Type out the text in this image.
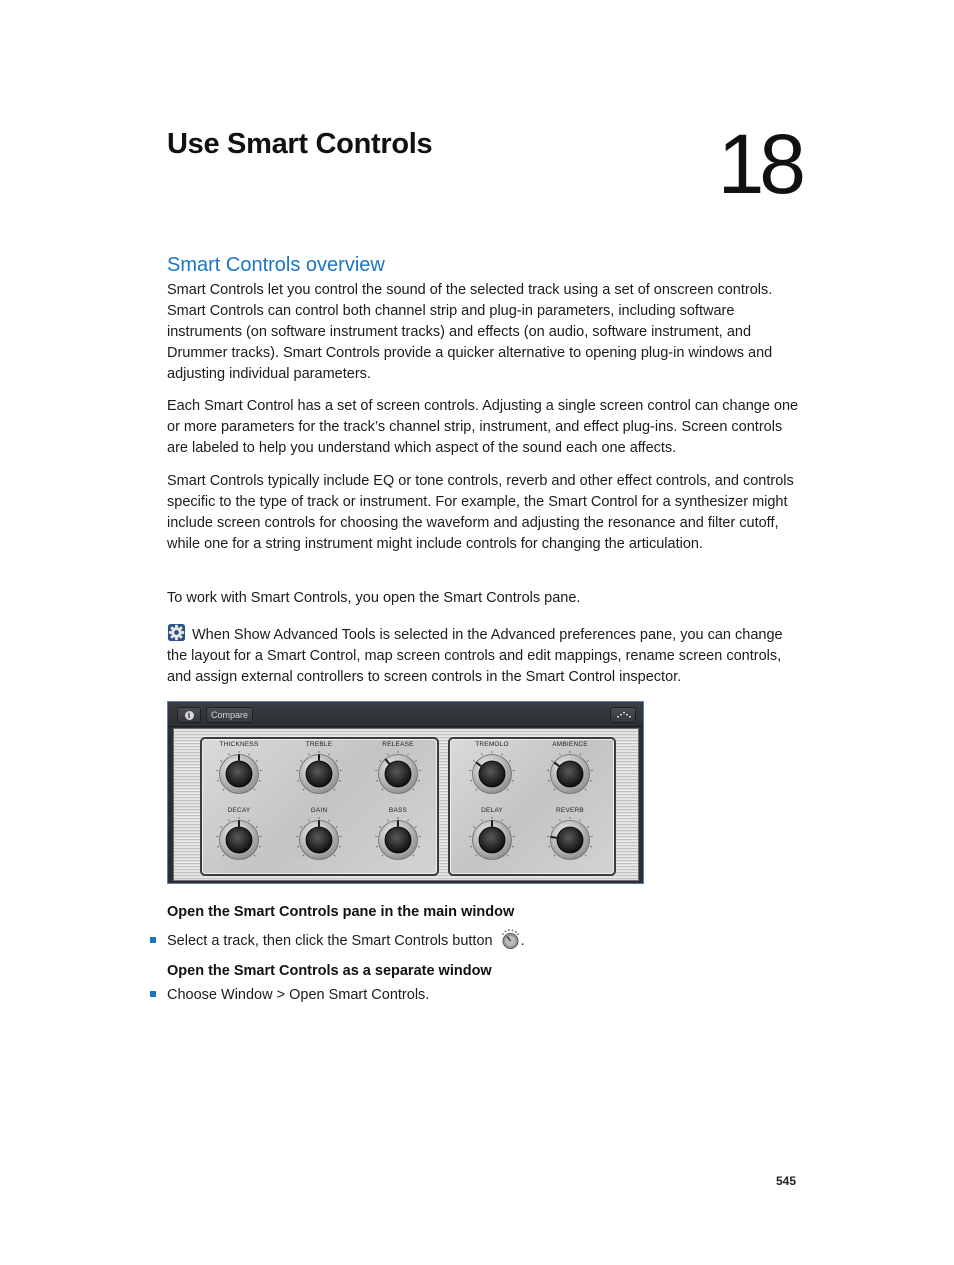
Use Smart Controls	18
Smart Controls overview

Smart Controls let you control the sound of the selected track using a set of onscreen controls. Smart Controls can control both channel strip and plug-in parameters, including software instruments (on software instrument tracks) and effects (on audio, software instrument, and Drummer tracks). Smart Controls provide a quicker alternative to opening plug-in windows and adjusting individual parameters.

Each Smart Control has a set of screen controls. Adjusting a single screen control can change one or more parameters for the track’s channel strip, instrument, and effect plug-ins. Screen controls are labeled to help you understand which aspect of the sound each one affects.

Smart Controls typically include EQ or tone controls, reverb and other effect controls, and controls specific to the type of track or instrument. For example, the Smart Control for a synthesizer might include screen controls for choosing the waveform and adjusting the resonance and filter cutoff, while one for a string instrument might include controls for changing the articulation.

To work with Smart Controls, you open the Smart Controls pane.

When Show Advanced Tools is selected in the Advanced preferences pane, you can change the layout for a Smart Control, map screen controls and edit mappings, rename screen controls, and assign external controllers to screen controls in the Smart Control inspector.

i	Compare
THICKNESS	TREBLE	RELEASE
DECAY	GAIN	BASS
TREMOLO	AMBIENCE
DELAY	REVERB
Open the Smart Controls pane in the main window
Select a track, then click the Smart Controls button .
Open the Smart Controls as a separate window
Choose Window > Open Smart Controls.
545
